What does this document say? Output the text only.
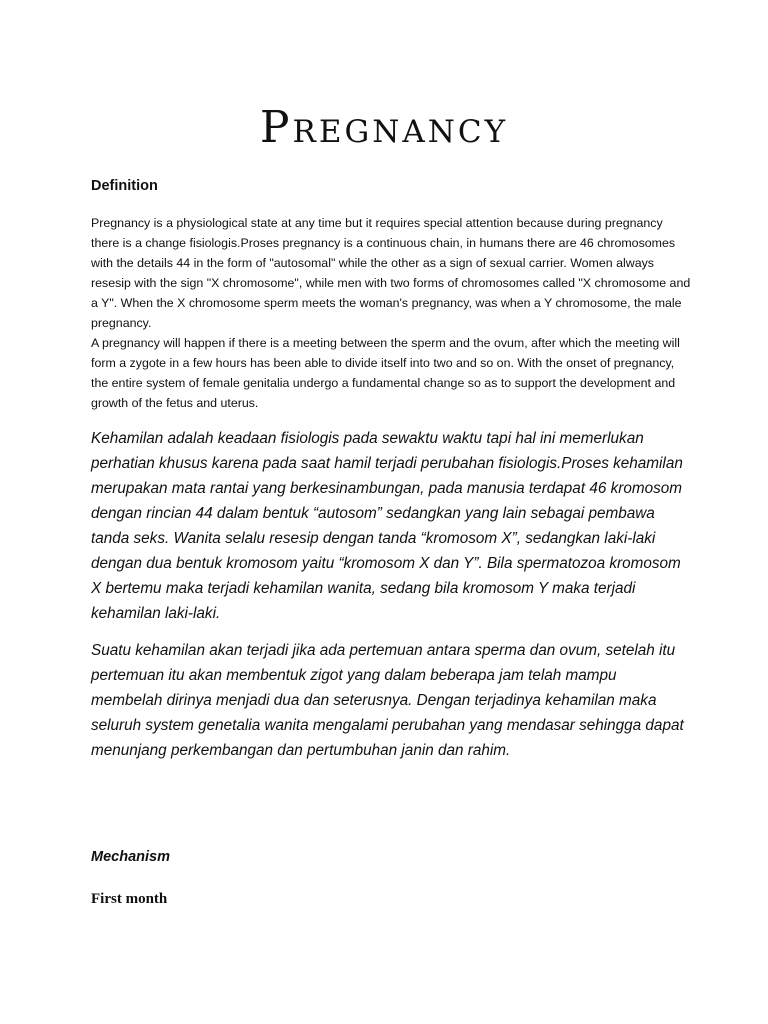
Pregnancy
Definition

Pregnancy is a physiological state at any time but it requires special attention because during pregnancy there is a change fisiologis.Proses pregnancy is a continuous chain, in humans there are 46 chromosomes with the details 44 in the form of "autosomal" while the other as a sign of sexual carrier. Women always resesip with the sign "X chromosome", while men with two forms of chromosomes called "X chromosome and a Y". When the X chromosome sperm meets the woman's pregnancy, was when a Y chromosome, the male pregnancy.

A pregnancy will happen if there is a meeting between the sperm and the ovum, after which the meeting will form a zygote in a few hours has been able to divide itself into two and so on. With the onset of pregnancy, the entire system of female genitalia undergo a fundamental change so as to support the development and growth of the fetus and uterus.

Kehamilan adalah keadaan fisiologis pada sewaktu waktu tapi hal ini memerlukan perhatian khusus karena pada saat hamil terjadi perubahan fisiologis.Proses kehamilan merupakan mata rantai yang berkesinambungan, pada manusia terdapat 46 kromosom dengan rincian 44 dalam bentuk “autosom” sedangkan yang lain sebagai pembawa tanda seks. Wanita selalu resesip dengan tanda “kromosom X”, sedangkan laki-laki dengan dua bentuk kromosom yaitu “kromosom X dan Y”. Bila spermatozoa kromosom X bertemu maka terjadi kehamilan wanita, sedang bila kromosom Y maka terjadi kehamilan laki-laki.

Suatu kehamilan akan terjadi jika ada pertemuan antara sperma dan ovum, setelah itu pertemuan itu akan membentuk zigot yang dalam beberapa jam telah mampu membelah dirinya menjadi dua dan seterusnya. Dengan terjadinya kehamilan maka seluruh system genetalia wanita mengalami perubahan yang mendasar sehingga dapat menunjang perkembangan dan pertumbuhan janin dan rahim.

Mechanism
First month
